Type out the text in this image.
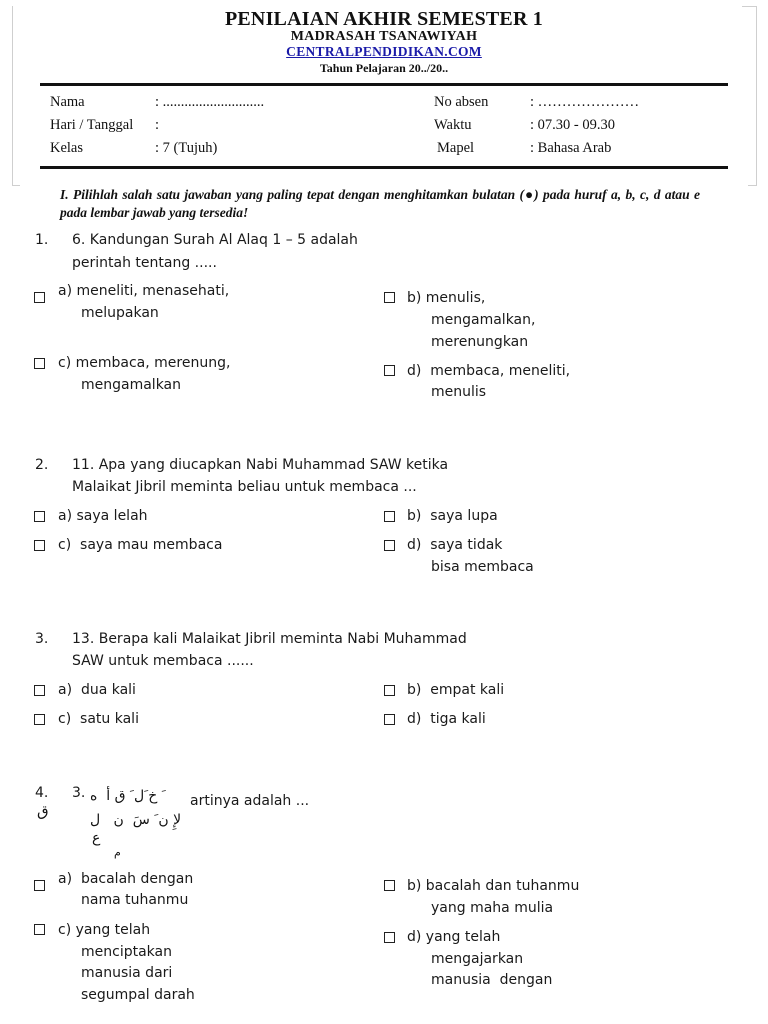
PENILAIAN AKHIR SEMESTER 1
MADRASAH TSANAWIYAH
CENTRALPENDIDIKAN.COM
Tahun Pelajaran 20../20..
Nama	: ............................
Hari / Tanggal :
Kelas	: 7 (Tujuh)
No absen	: …………………
Waktu	: 07.30 - 09.30
Mapel	: Bahasa Arab
I. Pilihlah salah satu jawaban yang paling tepat dengan menghitamkan bulatan (●) pada huruf a, b, c, d atau e pada lembar jawab yang tersedia!
1. 6. Kandungan Surah Al Alaq 1 – 5 adalah
perintah tentang .....
a) meneliti, menasehati,
melupakan
b) menulis,
mengamalkan,
merenungkan
c) membaca, merenung,
mengamalkan
d)  membaca, meneliti,
menulis
2. 11. Apa yang diucapkan Nabi Muhammad SAW ketika
Malaikat Jibril meminta beliau untuk membaca ...
a) saya lelah	b)  saya lupa
c)  saya mau membaca	d)  saya tidak
bisa membaca
3. 13. Berapa kali Malaikat Jibril meminta Nabi Muhammad
SAW untuk membaca ......
a)  dua kali	b)  empat kali
c)  satu kali	d)  tiga kali
4. 3. خ َل َ ق أ ‌ ه ‌ َ ‍ ‍‍ artinya adalah ...
ق	لإِ ن‌ َ سَ ‌ ن ‌ ‌ ل
ع
م
a)  bacalah dengan
nama tuhanmu
b) bacalah dan tuhanmu
yang maha mulia
c) yang telah
menciptakan
manusia dari
segumpal darah
d) yang telah
mengajarkan
manusia  dengan
